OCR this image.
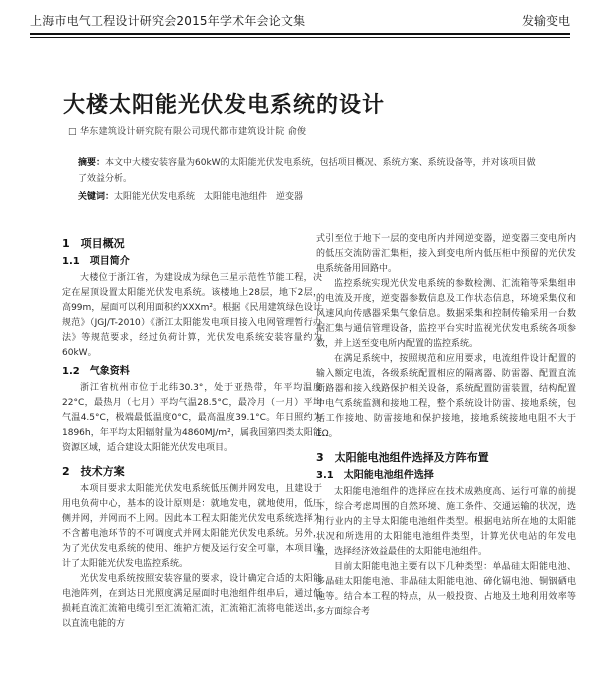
上海市电气工程设计研究会2015年学术年会论文集	发输变电
大楼太阳能光伏发电系统的设计
□ 华东建筑设计研究院有限公司现代都市建筑设计院 俞俊
摘要：本文中大楼安装容量为60kW的太阳能光伏发电系统，包括项目概况、系统方案、系统设备等，并对该项目做了效益分析。
关键词：太阳能光伏发电系统　太阳能电池组件　逆变器
1　项目概况
1.1　项目简介

大楼位于浙江省，为建设成为绿色三星示范性节能工程，决定在屋顶设置太阳能光伏发电系统。该楼地上28层，地下2层，高99m，屋面可以利用面积约XXXm²。根据《民用建筑绿色设计规范》（JGJ/T-2010）《浙江太阳能发电项目接入电网管理暂行办法》等规范要求，经过负荷计算，光伏发电系统安装容量约为60kW。

1.2　气象资料

浙江省杭州市位于北纬30.3°，处于亚热带，年平均温度22°C，最热月（七月）平均气温28.5°C，最冷月（一月）平均气温4.5°C，极端最低温度0°C，最高温度39.1°C。年日照约为1896h，年平均太阳辐射量为4860MJ/m²，属我国第四类太阳能资源区域，适合建设太阳能光伏发电项目。

2　技术方案

本项目要求太阳能光伏发电系统低压侧并网发电，且建设于用电负荷中心，基本的设计原则是：就地发电，就地使用，低压侧并网，并网而不上网。因此本工程太阳能光伏发电系统选择为不含蓄电池环节的不可调度式并网太阳能光伏发电系统。另外，为了光伏发电系统的使用、维护方便及运行安全可靠，本项目设计了太阳能光伏发电监控系统。

光伏发电系统按照安装容量的要求，设计确定合适的太阳能电池阵列，在到达日光照度满足屋面时电池组件组串后，通过低损耗直流汇流箱电缆引至汇流箱汇流，汇流箱汇流将电能送出，以直流电能的方

式引至位于地下一层的变电所内并网逆变器，逆变器三变电所内的低压交流防雷汇集柜，接入到变电所内低压柜中预留的光伏发电系统备用回路中。

监控系统实现光伏发电系统的参数检测、汇流箱等采集组串的电流及开度，逆变器参数信息及工作状态信息，环境采集仪和风速风向传感器采集气象信息。数据采集和控制传输采用一台数据汇集与通信管理设备，监控平台实时监视光伏发电系统各项参数，并上送至变电所内配置的监控系统。

在满足系统中，按照规范和应用要求，电流组件设计配置的输入额定电流，各级系统配置相应的隔离器、防雷器、配置直流断路器和接入线路保护相关设备，系统配置防雷装置，结构配置中电气系统监测和接地工程，整个系统设计防雷、接地系统，包括工作接地、防雷接地和保护接地，接地系统接地电阻不大于1Ω。

3　太阳能电池组件选择及方阵布置
3.1　太阳能电池组件选择

太阳能电池组件的选择应在技术成熟度高、运行可靠的前提下，综合考虑周围的自然环境、施工条件、交通运输的状况，选用行业内的主导太阳能电池组件类型。根据电站所在地的太阳能状况和所选用的太阳能电池组件类型，计算光伏电站的年发电量，选择经济效益最佳的太阳能电池组件。

目前太阳能电池主要有以下几种类型：单晶硅太阳能电池、多晶硅太阳能电池、非晶硅太阳能电池、碲化镉电池、铜铟硒电池等。结合本工程的特点，从一般投资、占地及土地利用效率等多方面综合考
